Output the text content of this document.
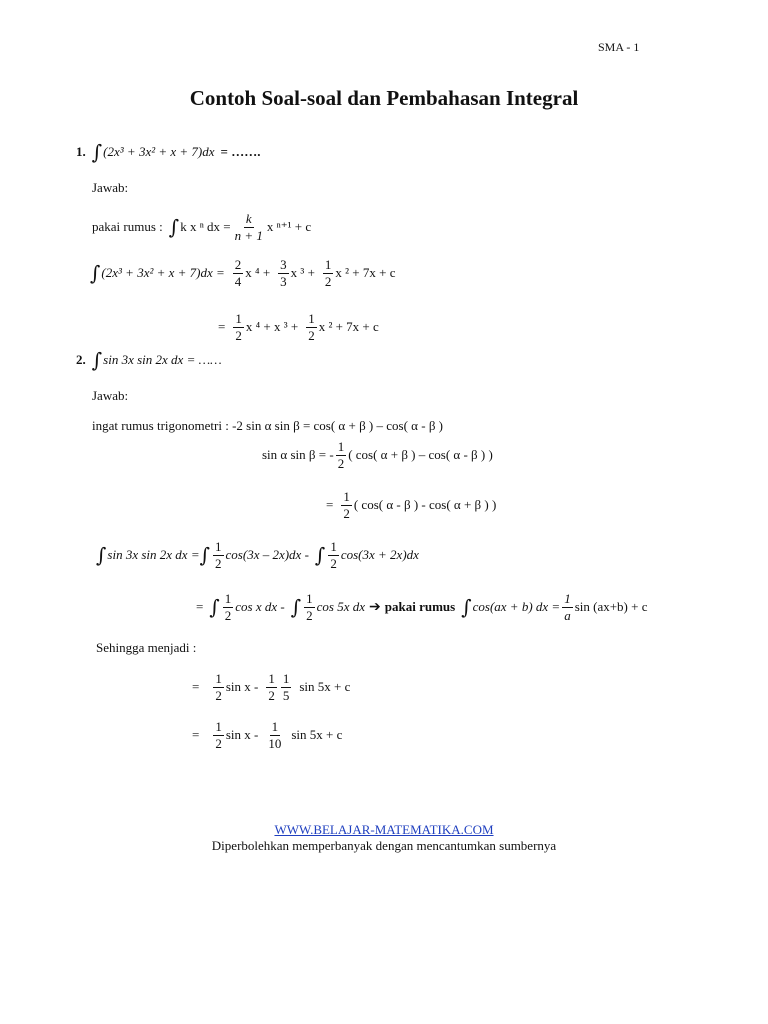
SMA - 1
Contoh Soal-soal dan Pembahasan Integral
1. ∫ (2x³ + 3x² + x + 7)dx = …….
Jawab:
pakai rumus : ∫ k x ⁿ dx = $\frac{k}{n + 1}$ x ⁿ⁺¹ + c
∫ $(2x^3 + 3x^2 + x + 7)dx = \frac{2}{4}$ x $^4 + \frac{3}{3}$ x $^3 + \frac{1}{2}$ x ² + 7x + c
= $\frac{1}{2}$ x ⁴ + x $^3 + \frac{1}{2}$ x ² + 7x + c
2. ∫ sin 3x sin 2x dx = ……
Jawab:
ingat rumus trigonometri : -2 sin α sin β = cos( α + β ) – cos( α - β )
sin α sin β = - $\frac{1}{2}$ ( cos( α + β ) – cos( α - β ) )
= $\frac{1}{2}$ ( cos( α - β ) - cos( α + β ) )
∫ sin 3x sin 2x dx = ∫ $\frac{1}{2} \cos(3x - 2x)dx$ - ∫ $\frac{1}{2} \cos(3x + 2x)dx$
= ∫ $\frac{1}{2}$ cos x dx - ∫ $\frac{1}{2}$ cos 5x dx ➔ pakai rumus ∫ cos(ax + b) dx = $\frac{1}{a}$ sin (ax+b) + c
Sehingga menjadi :
= $\frac{1}{2}$ sin x - $\frac{1}{2} \frac{1}{5}$ sin 5x + c
= $\frac{1}{2}$ sin x - $\frac{1}{10}$ sin 5x + c
WWW.BELAJAR-MATEMATIKA.COM
Diperbolehkan memperbanyak dengan mencantumkan sumbernya
